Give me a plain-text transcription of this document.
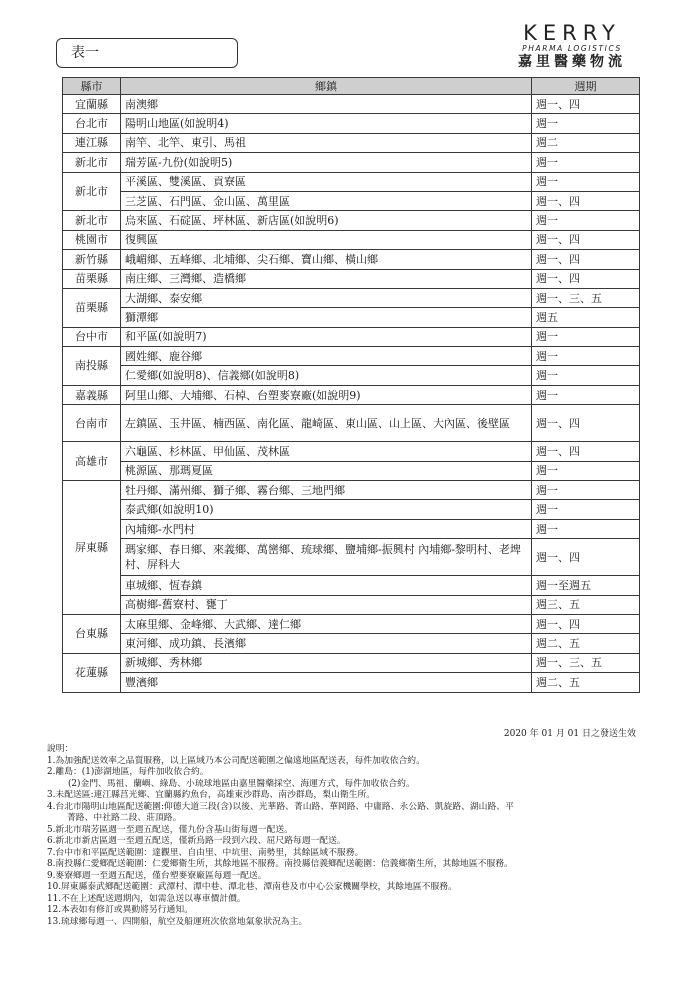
表一
KERRY
PHARMA LOGISTICS
嘉里醫藥物流
縣市	鄉鎮	週期
宜蘭縣	南澳鄉	週一、四
台北市	陽明山地區(如說明4)	週一
連江縣	南竿、北竿、東引、馬祖	週二
新北市	瑞芳區-九份(如說明5)	週一
新北市	平溪區、雙溪區、貢寮區	週一
	三芝區、石門區、金山區、萬里區	週一、四
新北市	烏來區、石碇區、坪林區、新店區(如說明6)	週一
桃園市	復興區	週一、四
新竹縣	峨嵋鄉、五峰鄉、北埔鄉、尖石鄉、寶山鄉、橫山鄉	週一、四
苗栗縣	南庄鄉、三灣鄉、造橋鄉	週一、四
苗栗縣	大湖鄉、泰安鄉	週一、三、五
	獅潭鄉	週五
台中市	和平區(如說明7)	週一
南投縣	國姓鄉、鹿谷鄉	週一
	仁愛鄉(如說明8)、信義鄉(如說明8)	週一
嘉義縣	阿里山鄉、大埔鄉、石棹、台塑麥寮廠(如說明9)	週一
台南市	左鎮區、玉井區、楠西區、南化區、龍崎區、東山區、山上區、大內區、後壁區	週一、四
高雄市	六龜區、杉林區、甲仙區、茂林區	週一、四
	桃源區、那瑪夏區	週一
屏東縣	牡丹鄉、滿州鄉、獅子鄉、霧台鄉、三地門鄉	週一
	泰武鄉(如說明10)	週一
	內埔鄉-水門村	週一
	瑪家鄉、春日鄉、來義鄉、萬巒鄉、琉球鄉、鹽埔鄉-振興村 內埔鄉-黎明村、老埤村、屏科大	週一、四
	車城鄉、恆春鎮	週一至週五
	高樹鄉-舊寮村、甕丁	週三、五
台東縣	太麻里鄉、金峰鄉、大武鄉、達仁鄉	週一、四
	東河鄉、成功鎮、長濱鄉	週二、五
花蓮縣	新城鄉、秀林鄉	週一、三、五
	豐濱鄉	週二、五
2020 年 01 月 01 日之發送生效
說明：
1.為加強配送效率之品質服務，以上區域乃本公司配送範圍之偏遠地區配送表，每件加收依合約。
2.離島：(1)澎湖地區，每件加收依合約。
(2)金門、馬祖、蘭嶼、綠島、小琉球地區由嘉里醫藥採空、海運方式，每件加收依合約。
3.未配送區:連江縣莒光鄉、宜蘭縣釣魚台，高雄東沙群島、南沙群島，梨山衛生所。
4.台北市陽明山地區配送範圍:仰德大道三段(含)以後、光華路、菁山路、華岡路、中庸路、永公路、凱旋路、湖山路、平
菁路、中社路二段、莊頂路。
5.新北市瑞芳區週一至週五配送，僅九份含基山街每週一配送。
6.新北市新店區週一至週五配送，僅新烏路一段到六段、屈尺路每週一配送。
7.台中市和平區配送範圍：達觀里、自由里、中坑里、南勢里，其餘區域不服務。
8.南投縣仁愛鄉配送範圍：仁愛鄉衛生所，其餘地區不服務。南投縣信義鄉配送範圍：信義鄉衛生所，其餘地區不服務。
9.麥寮鄉週一至週五配送，僅台塑麥寮廠區每週一配送。
10.屏東縣泰武鄉配送範圍：武潭村、潭中巷、潭北巷、潭南巷及市中心公家機關學校，其餘地區不服務。
11.不在上述配送週期內，如需急送以專車價計價。
12.本表如有修訂或異動將另行通知。
13.琉球鄉每週一、四開船，航空及船運班次依當地氣象狀況為主。
